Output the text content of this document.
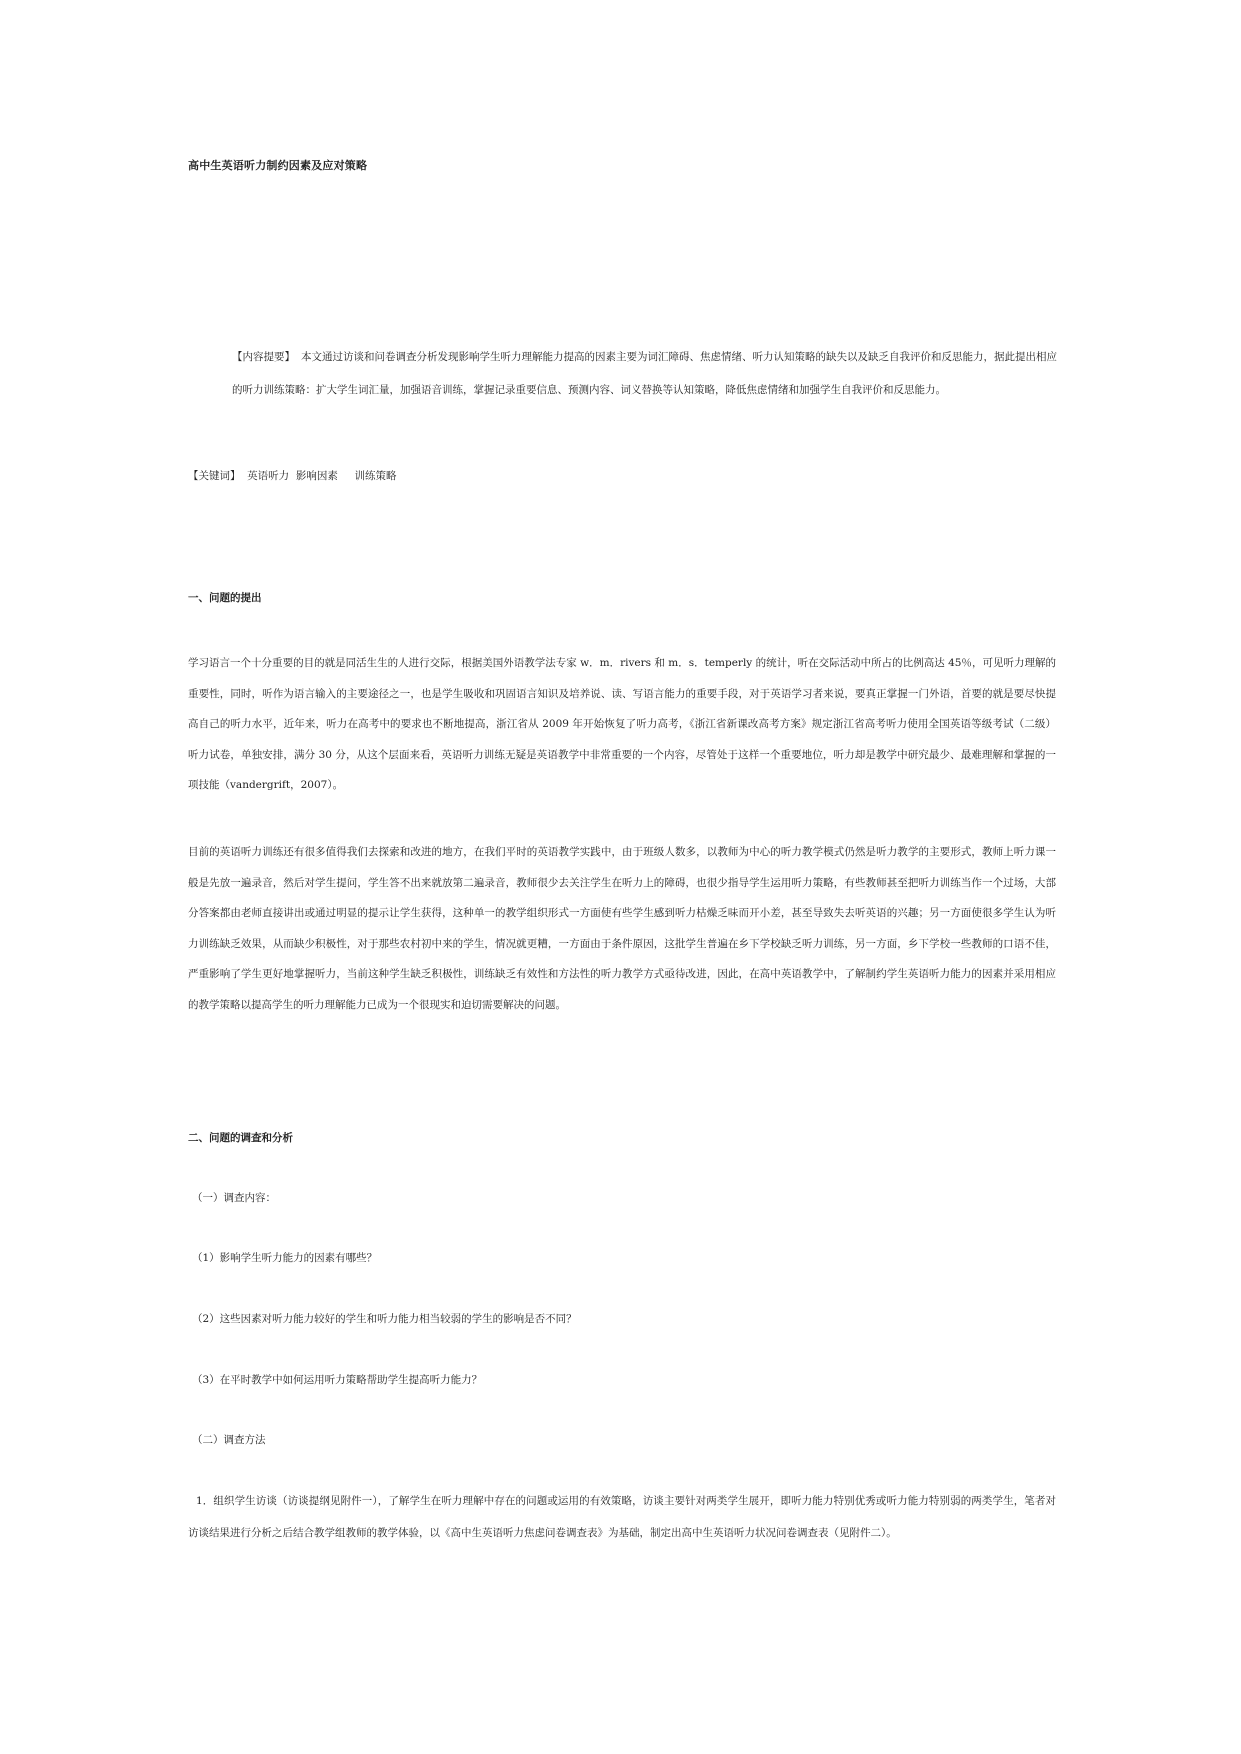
高中生英语听力制约因素及应对策略

【内容提要】 本文通过访谈和问卷调查分析发现影响学生听力理解能力提高的因素主要为词汇障碍、焦虑情绪、听力认知策略的缺失以及缺乏自我评价和反思能力，据此提出相应的听力训练策略：扩大学生词汇量，加强语音训练，掌握记录重要信息、预测内容、词义替换等认知策略，降低焦虑情绪和加强学生自我评价和反思能力。

【关键词】  英语听力  影响因素     训练策略

一、问题的提出

学习语言一个十分重要的目的就是同活生生的人进行交际，根据美国外语教学法专家 w．m．rivers 和 m．s．temperly 的统计，听在交际活动中所占的比例高达 45％，可见听力理解的重要性，同时，听作为语言输入的主要途径之一，也是学生吸收和巩固语言知识及培养说、读、写语言能力的重要手段，对于英语学习者来说，要真正掌握一门外语，首要的就是要尽快提高自己的听力水平，近年来，听力在高考中的要求也不断地提高，浙江省从 2009 年开始恢复了听力高考，《浙江省新课改高考方案》规定浙江省高考听力使用全国英语等级考试（二级）听力试卷，单独安排，满分 30 分，从这个层面来看，英语听力训练无疑是英语教学中非常重要的一个内容，尽管处于这样一个重要地位，听力却是教学中研究最少、最难理解和掌握的一项技能（vandergrift，2007）。

目前的英语听力训练还有很多值得我们去探索和改进的地方，在我们平时的英语教学实践中，由于班级人数多，以教师为中心的听力教学模式仍然是听力教学的主要形式，教师上听力课一般是先放一遍录音，然后对学生提问，学生答不出来就放第二遍录音，教师很少去关注学生在听力上的障碍，也很少指导学生运用听力策略，有些教师甚至把听力训练当作一个过场，大部分答案都由老师直接讲出或通过明显的提示让学生获得，这种单一的教学组织形式一方面使有些学生感到听力枯燥乏味而开小差，甚至导致失去听英语的兴趣；另一方面使很多学生认为听力训练缺乏效果，从而缺少积极性，对于那些农村初中来的学生，情况就更糟，一方面由于条件原因，这批学生普遍在乡下学校缺乏听力训练，另一方面，乡下学校一些教师的口语不佳，严重影响了学生更好地掌握听力，当前这种学生缺乏积极性，训练缺乏有效性和方法性的听力教学方式亟待改进，因此，在高中英语教学中，了解制约学生英语听力能力的因素并采用相应的教学策略以提高学生的听力理解能力已成为一个很现实和迫切需要解决的问题。

二、问题的调查和分析

（一）调查内容：

（1）影响学生听力能力的因素有哪些？

（2）这些因素对听力能力较好的学生和听力能力相当较弱的学生的影响是否不同？

（3）在平时教学中如何运用听力策略帮助学生提高听力能力？

（二）调查方法

1．组织学生访谈（访谈提纲见附件一），了解学生在听力理解中存在的问题或运用的有效策略，访谈主要针对两类学生展开，即听力能力特别优秀或听力能力特别弱的两类学生，笔者对访谈结果进行分析之后结合教学组教师的教学体验，以《高中生英语听力焦虑问卷调查表》为基础，制定出高中生英语听力状况问卷调查表（见附件二）。
